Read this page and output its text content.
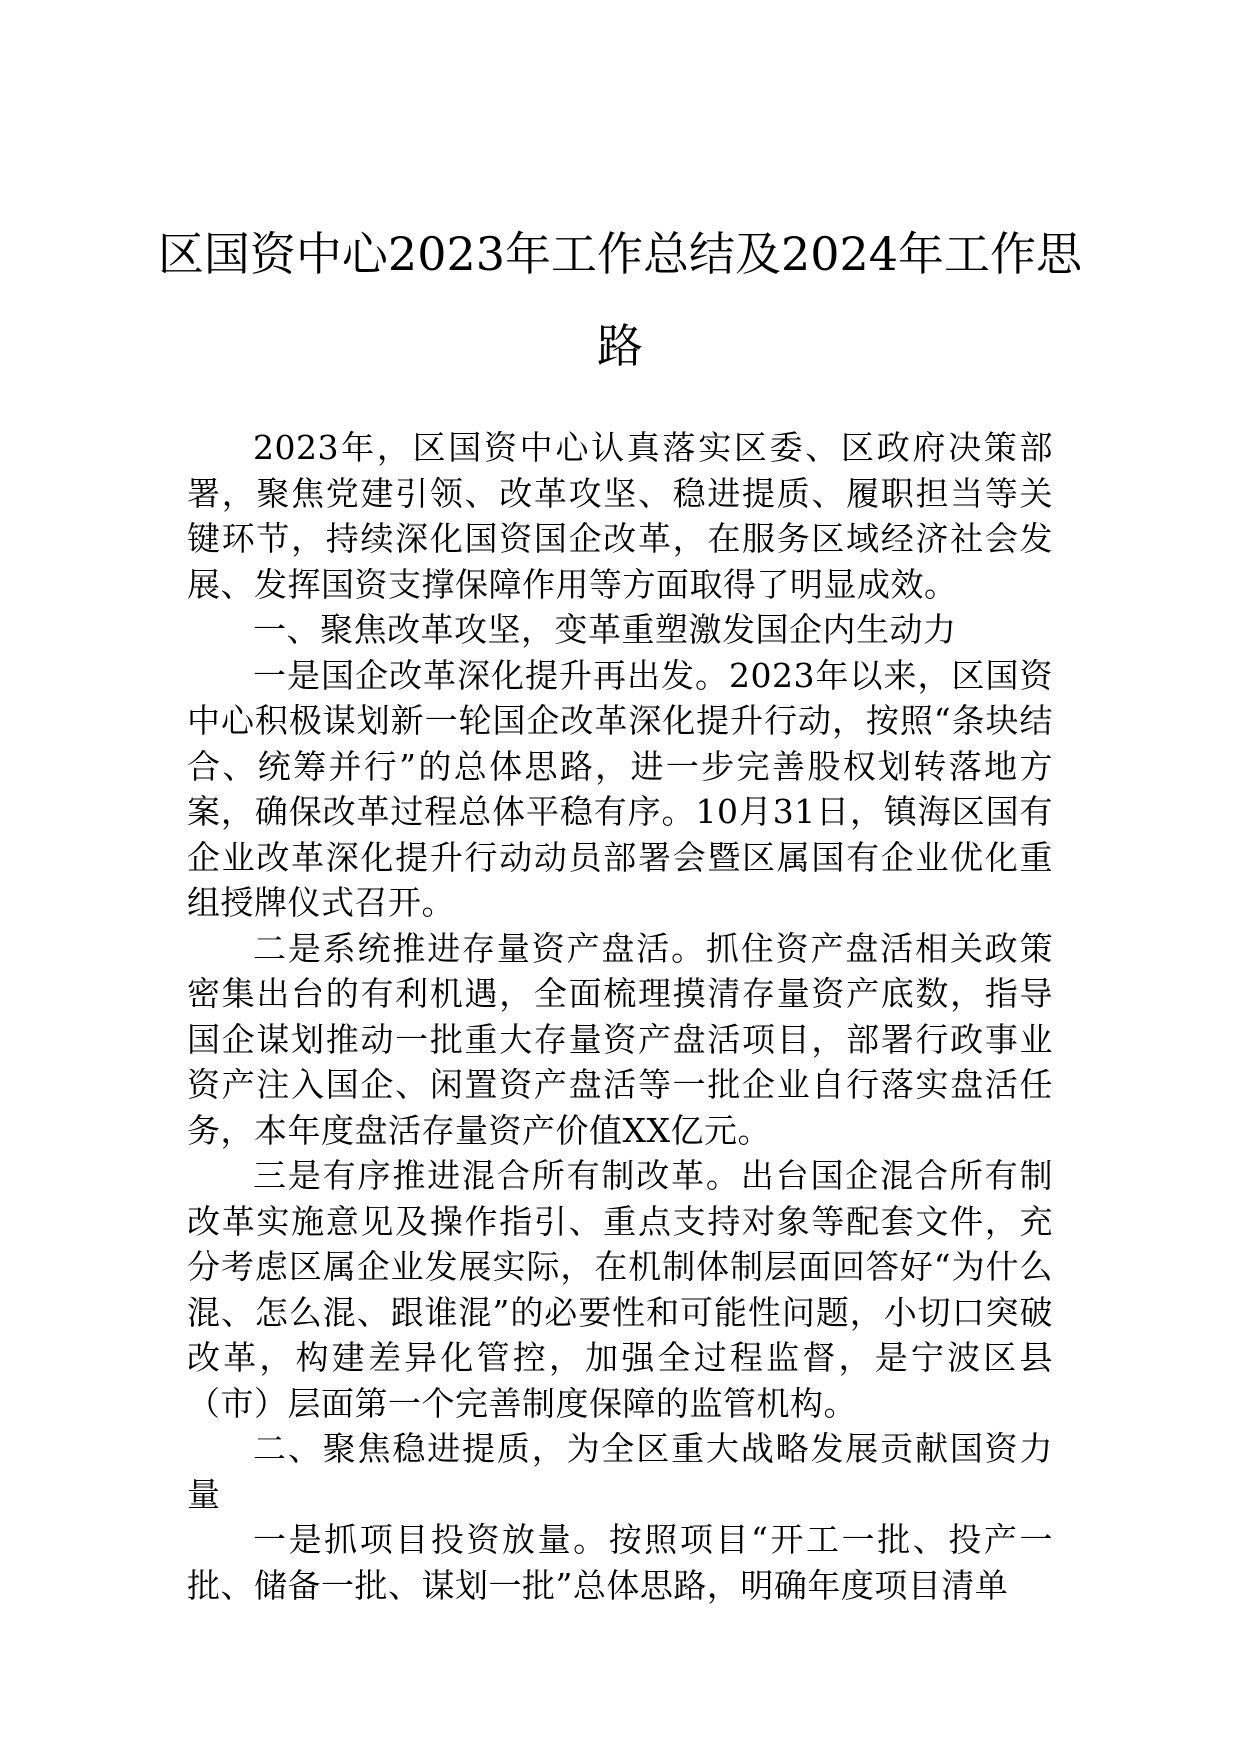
区国资中心2023年工作总结及2024年工作思路

2023年，区国资中心认真落实区委、区政府决策部署，聚焦党建引领、改革攻坚、稳进提质、履职担当等关键环节，持续深化国资国企改革，在服务区域经济社会发展、发挥国资支撑保障作用等方面取得了明显成效。

一、聚焦改革攻坚，变革重塑激发国企内生动力

一是国企改革深化提升再出发。2023年以来，区国资中心积极谋划新一轮国企改革深化提升行动，按照“条块结合、统筹并行”的总体思路，进一步完善股权划转落地方案，确保改革过程总体平稳有序。10月31日，镇海区国有企业改革深化提升行动动员部署会暨区属国有企业优化重组授牌仪式召开。

二是系统推进存量资产盘活。抓住资产盘活相关政策密集出台的有利机遇，全面梳理摸清存量资产底数，指导国企谋划推动一批重大存量资产盘活项目，部署行政事业资产注入国企、闲置资产盘活等一批企业自行落实盘活任务，本年度盘活存量资产价值XX亿元。

三是有序推进混合所有制改革。出台国企混合所有制改革实施意见及操作指引、重点支持对象等配套文件，充分考虑区属企业发展实际，在机制体制层面回答好“为什么混、怎么混、跟谁混”的必要性和可能性问题，小切口突破改革，构建差异化管控，加强全过程监督，是宁波区县（市）层面第一个完善制度保障的监管机构。

二、聚焦稳进提质，为全区重大战略发展贡献国资力量

一是抓项目投资放量。按照项目“开工一批、投产一批、储备一批、谋划一批”总体思路，明确年度项目清单
